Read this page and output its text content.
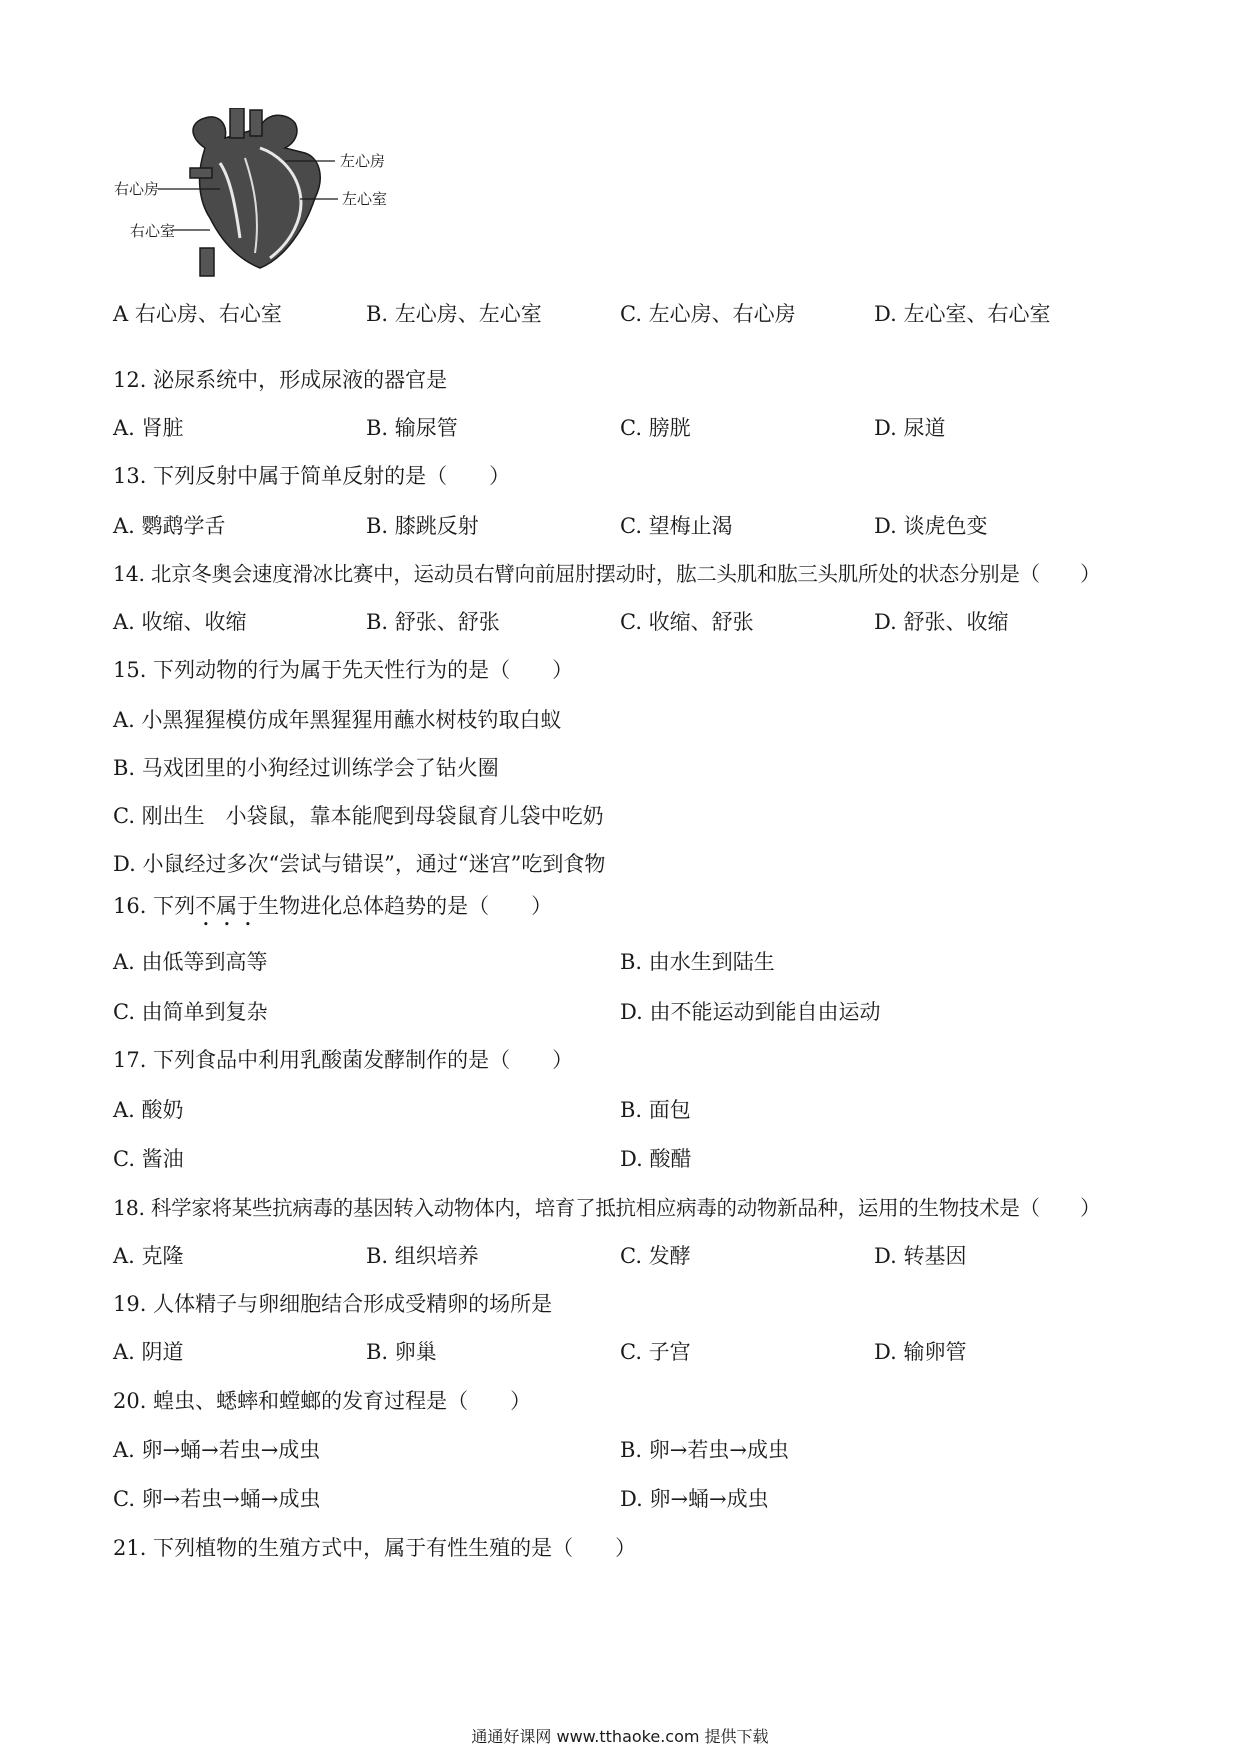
右心房
右心室
左心房
左心室
A 右心房、右心室	B. 左心房、左心室	C. 左心房、右心房	D. 左心室、右心室
12. 泌尿系统中，形成尿液的器官是
A. 肾脏	B. 输尿管	C. 膀胱	D. 尿道
13. 下列反射中属于简单反射的是（　　）
A. 鹦鹉学舌	B. 膝跳反射	C. 望梅止渴	D. 谈虎色变
14. 北京冬奥会速度滑冰比赛中，运动员右臂向前屈肘摆动时，肱二头肌和肱三头肌所处的状态分别是（　　）
A. 收缩、收缩	B. 舒张、舒张	C. 收缩、舒张	D. 舒张、收缩
15. 下列动物的行为属于先天性行为的是（　　）
A. 小黑猩猩模仿成年黑猩猩用蘸水树枝钓取白蚁
B. 马戏团里的小狗经过训练学会了钻火圈
C. 刚出生　小袋鼠，靠本能爬到母袋鼠育儿袋中吃奶
D. 小鼠经过多次“尝试与错误”，通过“迷宫”吃到食物
16. 下列不属于生物进化总体趋势的是（　　）
A. 由低等到高等	B. 由水生到陆生
C. 由简单到复杂	D. 由不能运动到能自由运动
17. 下列食品中利用乳酸菌发酵制作的是（　　）
A. 酸奶	B. 面包
C. 酱油	D. 酸醋
18. 科学家将某些抗病毒的基因转入动物体内，培育了抵抗相应病毒的动物新品种，运用的生物技术是（　　）
A. 克隆	B. 组织培养	C. 发酵	D. 转基因
19. 人体精子与卵细胞结合形成受精卵的场所是
A. 阴道	B. 卵巢	C. 子宫	D. 输卵管
20. 蝗虫、蟋蟀和螳螂的发育过程是（　　）
A. 卵→蛹→若虫→成虫	B. 卵→若虫→成虫
C. 卵→若虫→蛹→成虫	D. 卵→蛹→成虫
21. 下列植物的生殖方式中，属于有性生殖的是（　　）
通通好课网 www.tthaoke.com 提供下载
